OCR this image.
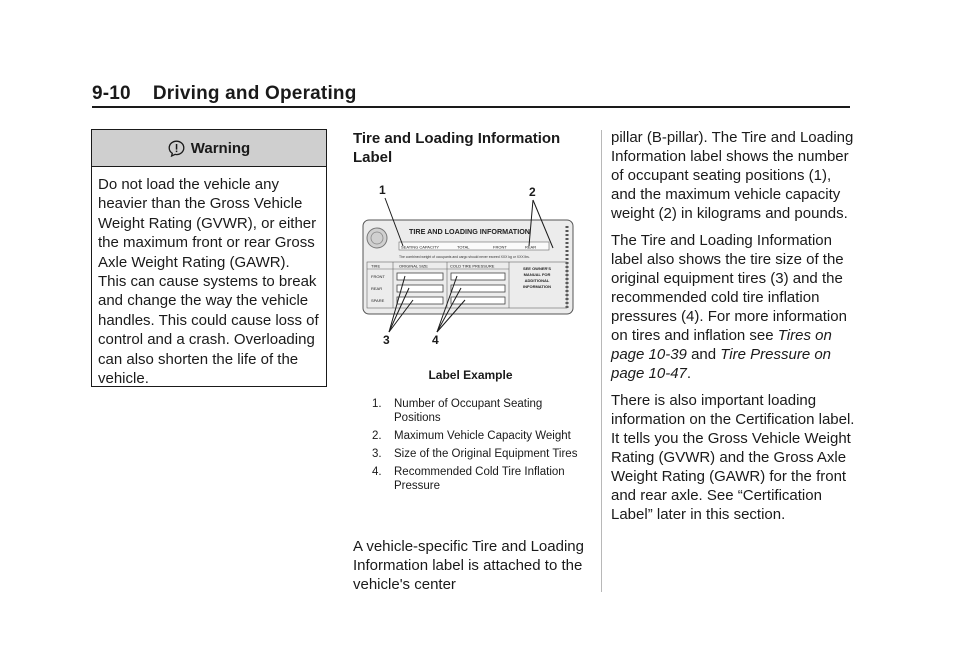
9-10 Driving and Operating
Warning
Do not load the vehicle any heavier than the Gross Vehicle Weight Rating (GVWR), or either the maximum front or rear Gross Axle Weight Rating (GAWR). This can cause systems to break and change the way the vehicle handles. This could cause loss of control and a crash. Overloading can also shorten the life of the vehicle.

Tire and Loading Information Label

1	2
3	4
TIRE AND LOADING INFORMATION
SEATING CAPACITY	TOTAL	FRONT	REAR
The combined weight of occupants and cargo should never exceed XXX kg or XXX lbs.
TIRE	ORIGINAL SIZE	COLD TIRE PRESSURE
FRONT
REAR
SPARE
SEE OWNER'S
MANUAL FOR
ADDITIONAL
INFORMATION
Label Example
1.	Number of Occupant Seating Positions
2.	Maximum Vehicle Capacity Weight
3.	Size of the Original Equipment Tires
4.	Recommended Cold Tire Inflation Pressure

A vehicle-specific Tire and Loading Information label is attached to the vehicle's center

pillar (B-pillar). The Tire and Loading Information label shows the number of occupant seating positions (1), and the maximum vehicle capacity weight (2) in kilograms and pounds.

The Tire and Loading Information label also shows the tire size of the original equipment tires (3) and the recommended cold tire inflation pressures (4). For more information on tires and inflation see Tires on page 10-39 and Tire Pressure on page 10-47.

There is also important loading information on the Certification label. It tells you the Gross Vehicle Weight Rating (GVWR) and the Gross Axle Weight Rating (GAWR) for the front and rear axle. See “Certification Label” later in this section.
